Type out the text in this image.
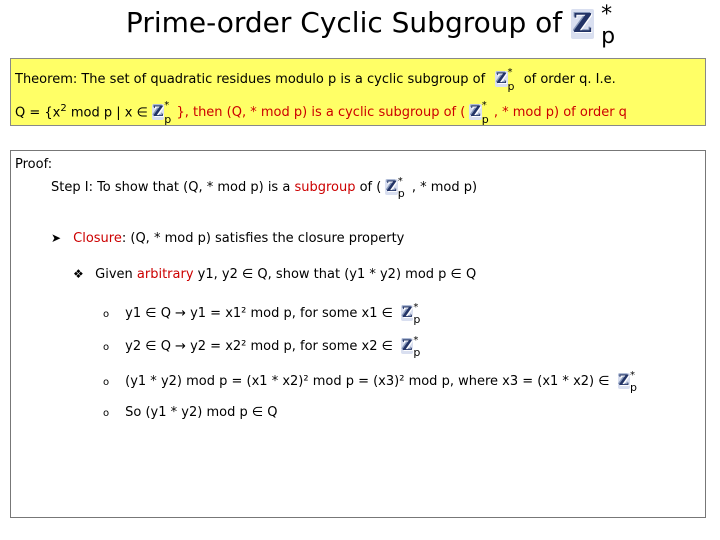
Prime-order Cyclic Subgroup of Z *
p
Theorem: The set of quadratic residues modulo p is a cyclic subgroup of Z *
p of order q. I.e.
$Q = \{x^2$ mod p | x ∈ Z *
p }, then (Q, * mod p) is a cyclic subgroup of ( Z *
p , * mod p) of order q
Proof:
Step I: To show that (Q, * mod p) is a subgroup of ( Z *
p , * mod p)
➤ Closure: (Q, * mod p) satisfies the closure property
❖ Given arbitrary y1, y2 ∈ Q, show that (y1 * y2) mod p ∈ Q
o y1 ∈ Q → y1 = x1² mod p, for some x1 ∈ Z *
p
o y2 ∈ Q → y2 = x2² mod p, for some x2 ∈ Z *
p
o (y1 * y2) mod p = (x1 * x2)² mod p = (x3)² mod p, where x3 = (x1 * x2) ∈ Z *
p
o So (y1 * y2) mod p ∈ Q
